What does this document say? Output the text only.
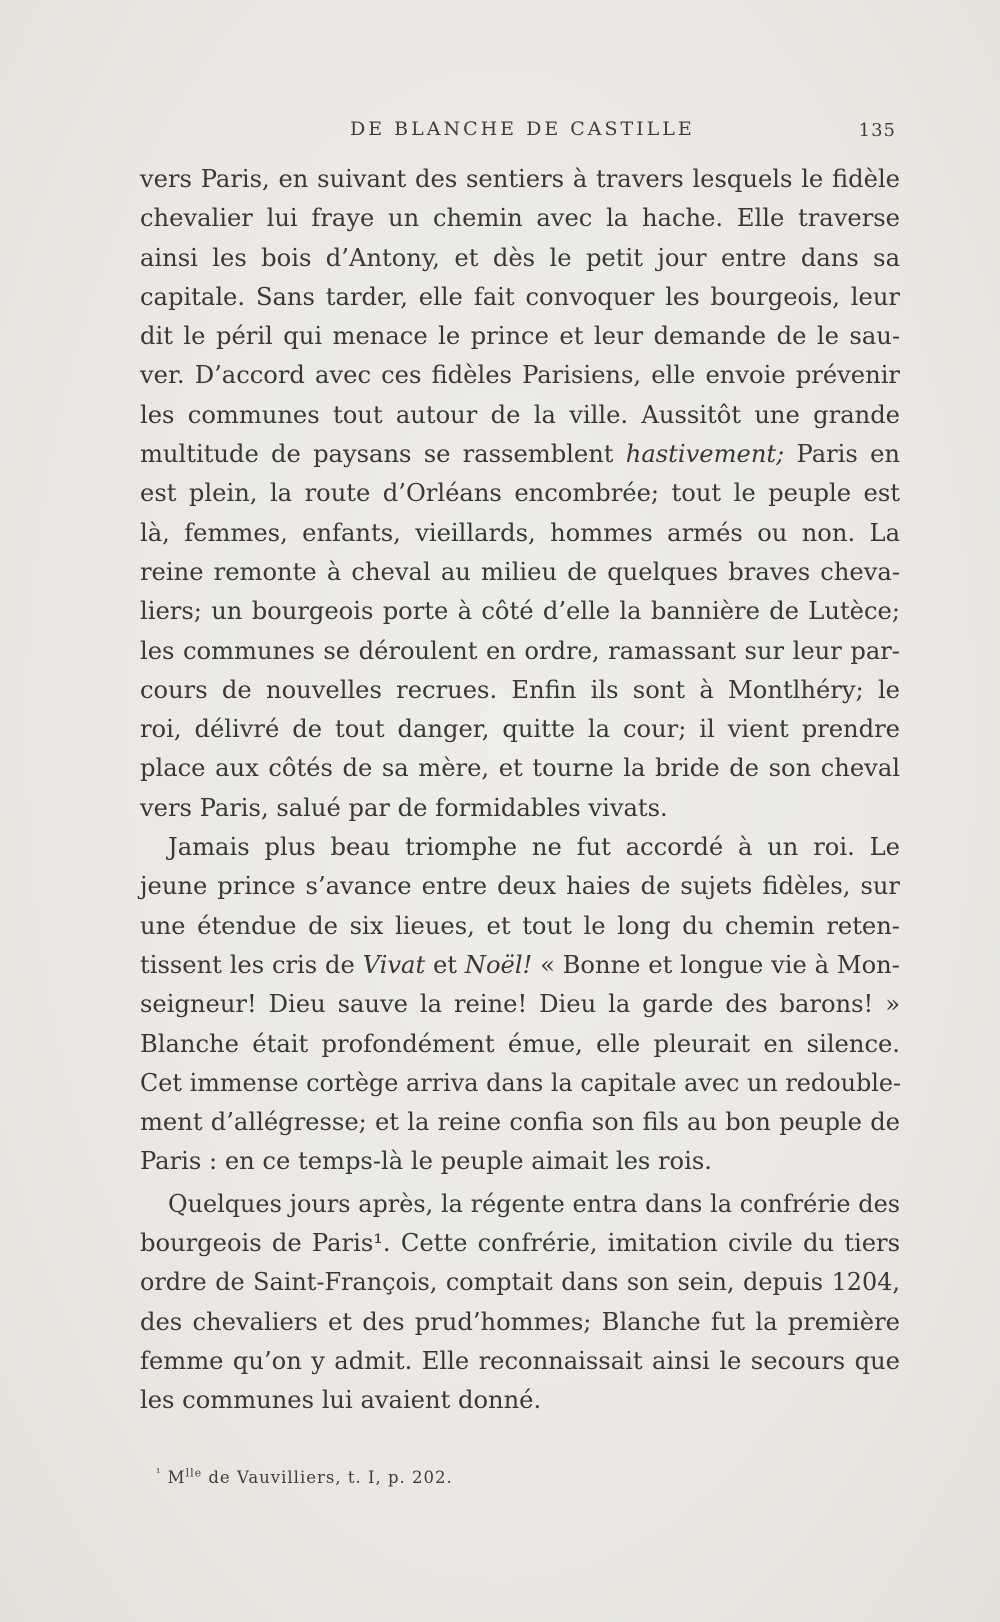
DE BLANCHE DE CASTILLE	135
vers Paris, en suivant des sentiers à travers lesquels le fidèle
chevalier lui fraye un chemin avec la hache. Elle traverse
ainsi les bois d’Antony, et dès le petit jour entre dans sa
capitale. Sans tarder, elle fait convoquer les bourgeois, leur
dit le péril qui menace le prince et leur demande de le sau-
ver. D’accord avec ces fidèles Parisiens, elle envoie prévenir
les communes tout autour de la ville. Aussitôt une grande
multitude de paysans se rassemblent hastivement; Paris en
est plein, la route d’Orléans encombrée; tout le peuple est
là, femmes, enfants, vieillards, hommes armés ou non. La
reine remonte à cheval au milieu de quelques braves cheva-
liers; un bourgeois porte à côté d’elle la bannière de Lutèce;
les communes se déroulent en ordre, ramassant sur leur par-
cours de nouvelles recrues. Enfin ils sont à Montlhéry; le
roi, délivré de tout danger, quitte la cour; il vient prendre
place aux côtés de sa mère, et tourne la bride de son cheval
vers Paris, salué par de formidables vivats.
Jamais plus beau triomphe ne fut accordé à un roi. Le
jeune prince s’avance entre deux haies de sujets fidèles, sur
une étendue de six lieues, et tout le long du chemin reten-
tissent les cris de Vivat et Noël! « Bonne et longue vie à Mon-
seigneur! Dieu sauve la reine! Dieu la garde des barons! »
Blanche était profondément émue, elle pleurait en silence.
Cet immense cortège arriva dans la capitale avec un redouble-
ment d’allégresse; et la reine confia son fils au bon peuple de
Paris : en ce temps-là le peuple aimait les rois.
Quelques jours après, la régente entra dans la confrérie des
bourgeois de Paris¹. Cette confrérie, imitation civile du tiers
ordre de Saint-François, comptait dans son sein, depuis 1204,
des chevaliers et des prud’hommes; Blanche fut la première
femme qu’on y admit. Elle reconnaissait ainsi le secours que
les communes lui avaient donné.
$^{^1}$ $M^{lle}$ de Vauvilliers, t. I, p. 202.
